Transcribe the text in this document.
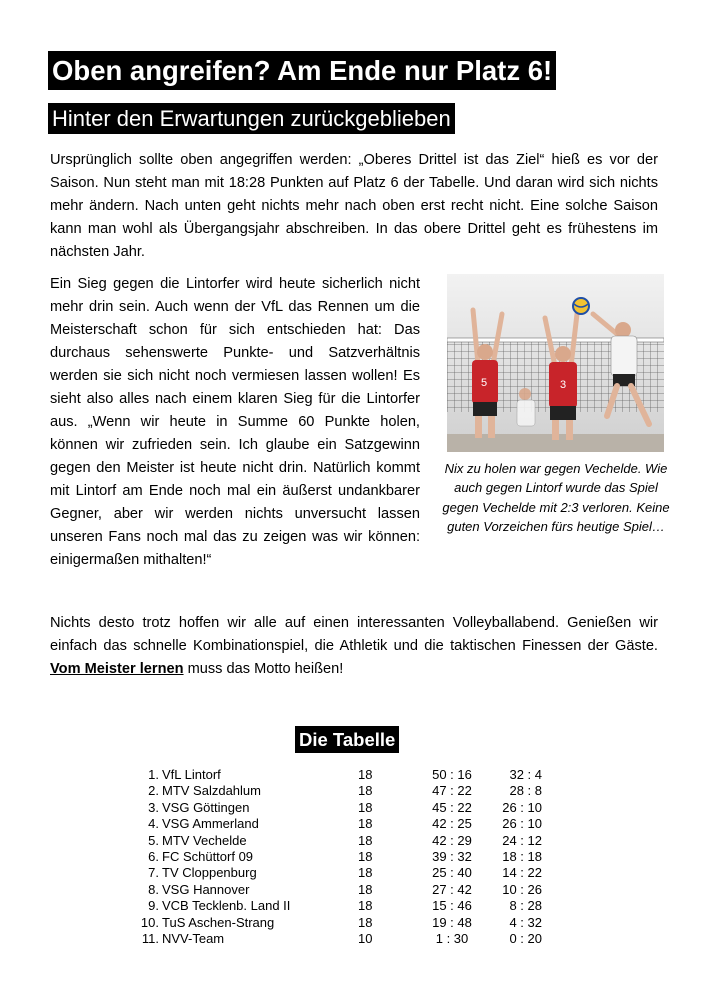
Oben angreifen? Am Ende nur Platz 6!
Hinter den Erwartungen zurückgeblieben

Ursprünglich sollte oben angegriffen werden: „Oberes Drittel ist das Ziel“ hieß es vor der Saison. Nun steht man mit 18:28 Punkten auf Platz 6 der Tabelle. Und daran wird sich nichts mehr ändern. Nach unten geht nichts mehr nach oben erst recht nicht. Eine solche Saison kann man wohl als Übergangsjahr abschreiben. In das obere Drittel geht es frühestens im nächsten Jahr.

Ein Sieg gegen die Lintorfer wird heute sicherlich nicht mehr drin sein. Auch wenn der VfL das Rennen um die Meisterschaft schon für sich entschieden hat: Das durchaus sehenswerte Punkte- und Satzverhältnis werden sie sich nicht noch vermiesen lassen wollen! Es sieht also alles nach einem klaren Sieg für die Lintorfer aus. „Wenn wir heute in Summe 60 Punkte holen, können wir zufrieden sein. Ich glaube ein Satzgewinn gegen den Meister ist heute nicht drin. Natürlich kommt mit Lintorf am Ende noch mal ein äußerst undankbarer Gegner, aber wir werden nichts unversucht lassen unseren Fans noch mal das zu zeigen was wir können: einigermaßen mithalten!“

5	3

Nix zu holen war gegen Vechelde. Wie auch gegen Lintorf wurde das Spiel gegen Vechelde mit 2:3 verloren. Keine guten Vorzeichen fürs heutige Spiel…

Nichts desto trotz hoffen wir alle auf einen interessanten Volleyballabend. Genießen wir einfach das schnelle Kombinationspiel, die Athletik und die taktischen Finessen der Gäste. Vom Meister lernen muss das Motto heißen!

Die Tabelle
1.	VfL Lintorf	18	50 : 16	32 : 4
2.	MTV Salzdahlum	18	47 : 22	28 : 8
3.	VSG Göttingen	18	45 : 22	26 : 10
4.	VSG Ammerland	18	42 : 25	26 : 10
5.	MTV Vechelde	18	42 : 29	24 : 12
6.	FC Schüttorf 09	18	39 : 32	18 : 18
7.	TV Cloppenburg	18	25 : 40	14 : 22
8.	VSG Hannover	18	27 : 42	10 : 26
9.	VCB Tecklenb. Land II	18	15 : 46	8 : 28
10.	TuS Aschen-Strang	18	19 : 48	4 : 32
11.	NVV-Team	10	1 : 30	0 : 20
